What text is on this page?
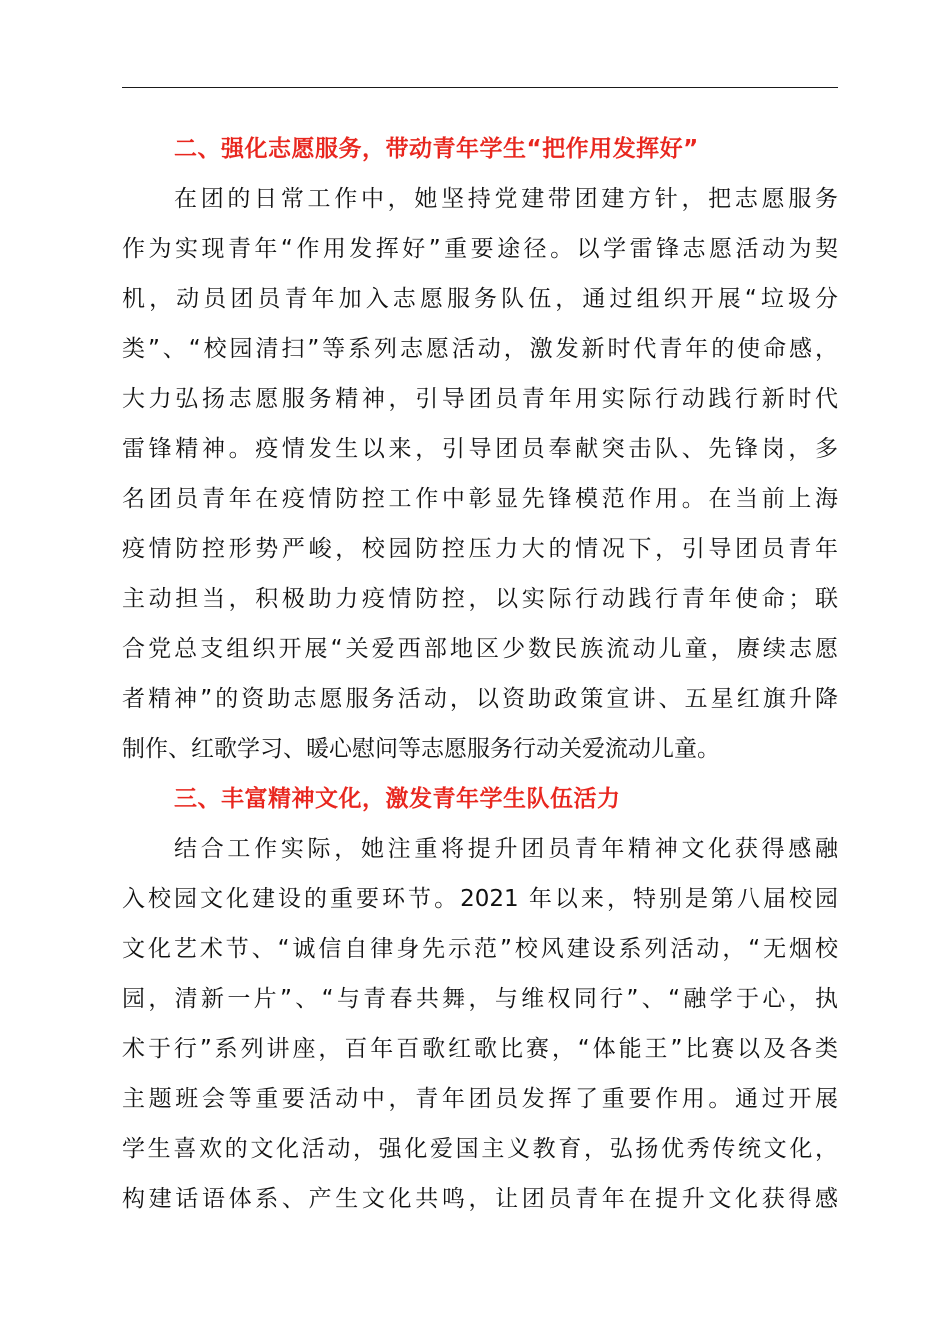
二、强化志愿服务，带动青年学生“把作用发挥好”
在团的日常工作中，她坚持党建带团建方针，把志愿服务
作为实现青年“作用发挥好”重要途径。以学雷锋志愿活动为契
机，动员团员青年加入志愿服务队伍，通过组织开展“垃圾分
类”、“校园清扫”等系列志愿活动，激发新时代青年的使命感，
大力弘扬志愿服务精神，引导团员青年用实际行动践行新时代
雷锋精神。疫情发生以来，引导团员奉献突击队、先锋岗，多
名团员青年在疫情防控工作中彰显先锋模范作用。在当前上海
疫情防控形势严峻，校园防控压力大的情况下，引导团员青年
主动担当，积极助力疫情防控，以实际行动践行青年使命；联
合党总支组织开展“关爱西部地区少数民族流动儿童，赓续志愿
者精神”的资助志愿服务活动，以资助政策宣讲、五星红旗升降
制作、红歌学习、暖心慰问等志愿服务行动关爱流动儿童。
三、丰富精神文化，激发青年学生队伍活力
结合工作实际，她注重将提升团员青年精神文化获得感融
入校园文化建设的重要环节。2021 年以来，特别是第八届校园
文化艺术节、“诚信自律身先示范”校风建设系列活动，“无烟校
园，清新一片”、“与青春共舞，与维权同行”、“融学于心，执
术于行”系列讲座，百年百歌红歌比赛，“体能王”比赛以及各类
主题班会等重要活动中，青年团员发挥了重要作用。通过开展
学生喜欢的文化活动，强化爱国主义教育，弘扬优秀传统文化，
构建话语体系、产生文化共鸣，让团员青年在提升文化获得感
